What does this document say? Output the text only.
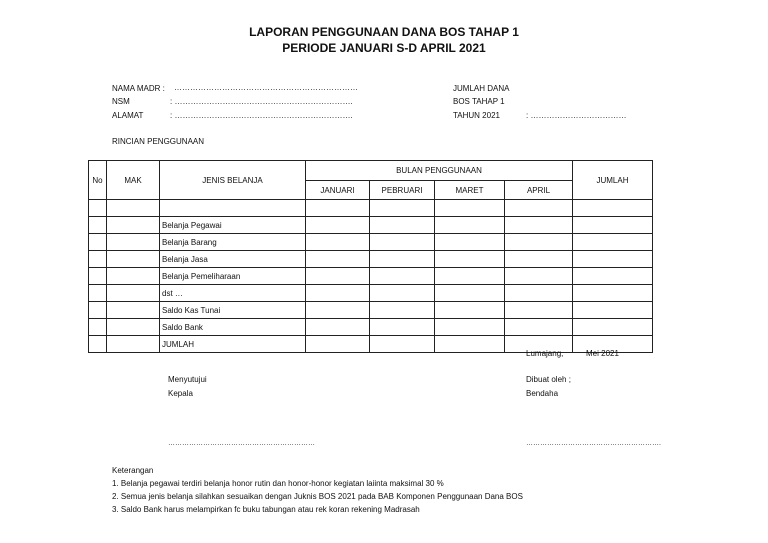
LAPORAN PENGGUNAAN DANA BOS TAHAP 1
PERIODE JANUARI S-D APRIL 2021
NAMA MADR : ……………………………………………………………
NSM	: ………………………………………………………….
ALAMAT	: ………………………………………………………….
JUMLAH DANA
BOS TAHAP 1
TAHUN 2021	: ………………………………
RINCIAN PENGGUNAAN
No	MAK	JENIS BELANJA	BULAN PENGGUNAAN				JUMLAH
			JANUARI	PEBRUARI	MARET	APRIL	

		Belanja Pegawai					
		Belanja Barang					
		Belanja Jasa					
		Belanja Pemeliharaan					
		dst …					
		Saldo Kas Tunai					
		Saldo Bank					
		JUMLAH					
Lumajang,	Mei 2021
Menyutujui
Kepala
Dibuat oleh ;
Bendaha
………………………………………………………	………………………………………………….
Keterangan
1. Belanja pegawai terdiri belanja honor rutin dan honor-honor kegiatan laiinta maksimal 30 %
2. Semua jenis belanja silahkan sesuaikan dengan Juknis BOS 2021 pada BAB Komponen Penggunaan Dana BOS
3. Saldo Bank harus melampirkan fc buku tabungan atau rek koran rekening Madrasah
